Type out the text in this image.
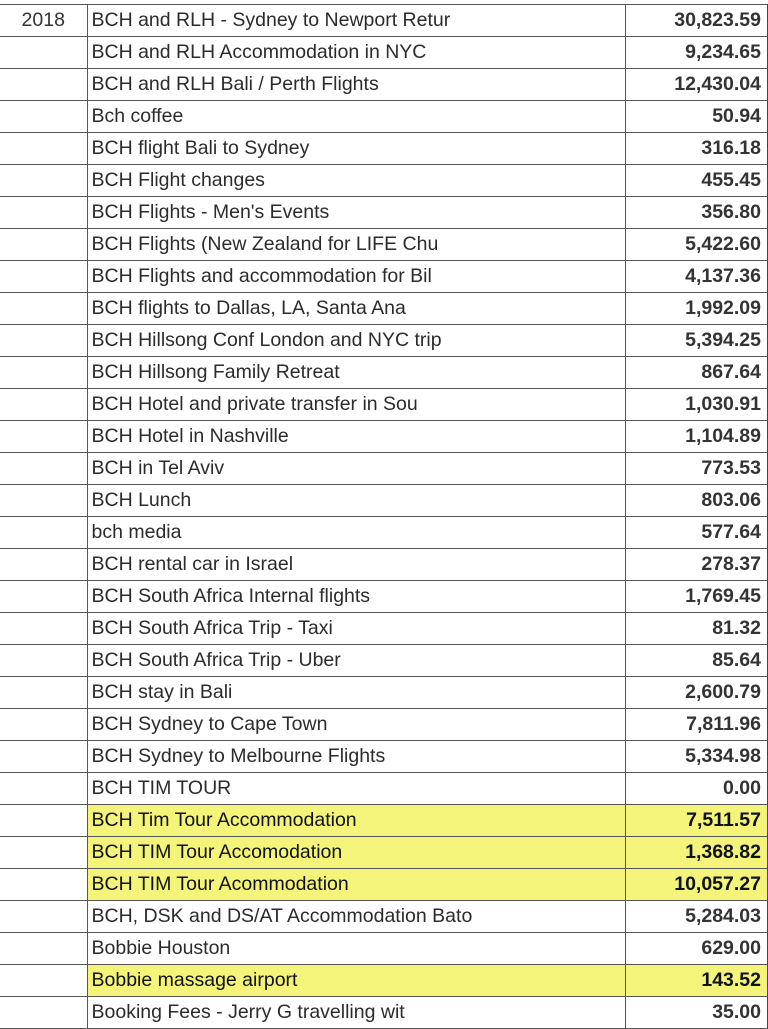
2018	BCH and RLH - Sydney to Newport Retur	30,823.59
	BCH and RLH Accommodation in NYC	9,234.65
	BCH and RLH Bali / Perth Flights	12,430.04
	Bch coffee	50.94
	BCH flight Bali to Sydney	316.18
	BCH Flight changes	455.45
	BCH Flights - Men's Events	356.80
	BCH Flights (New Zealand for LIFE Chu	5,422.60
	BCH Flights and accommodation for Bil	4,137.36
	BCH flights to Dallas, LA, Santa Ana	1,992.09
	BCH Hillsong Conf London and NYC trip	5,394.25
	BCH Hillsong Family Retreat	867.64
	BCH Hotel and private transfer in Sou	1,030.91
	BCH Hotel in Nashville	1,104.89
	BCH in Tel Aviv	773.53
	BCH Lunch	803.06
	bch media	577.64
	BCH rental car in Israel	278.37
	BCH South Africa Internal flights	1,769.45
	BCH South Africa Trip - Taxi	81.32
	BCH South Africa Trip - Uber	85.64
	BCH stay in Bali	2,600.79
	BCH Sydney to Cape Town	7,811.96
	BCH Sydney to Melbourne Flights	5,334.98
	BCH TIM TOUR	0.00
	BCH Tim Tour Accommodation	7,511.57
	BCH TIM Tour Accomodation	1,368.82
	BCH TIM Tour Acommodation	10,057.27
	BCH, DSK and DS/AT Accommodation Bato	5,284.03
	Bobbie Houston	629.00
	Bobbie massage airport	143.52
	Booking Fees - Jerry G travelling wit	35.00
